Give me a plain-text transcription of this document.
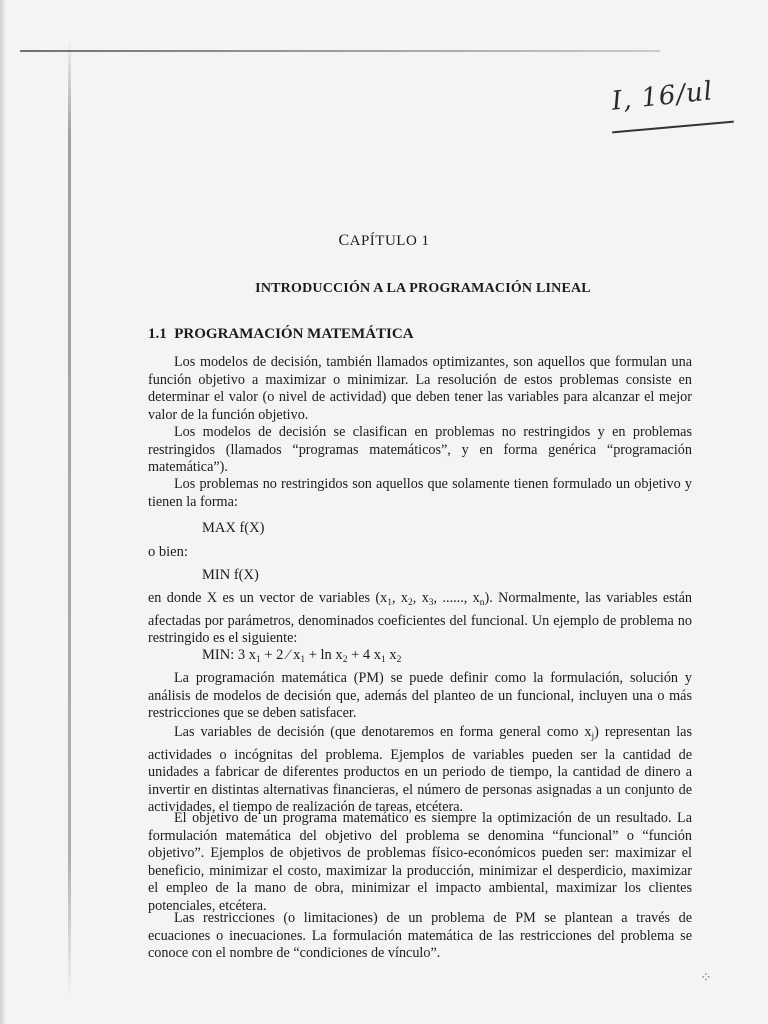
I, 16/ul
CAPÍTULO 1
INTRODUCCIÓN A LA PROGRAMACIÓN LINEAL
1.1 PROGRAMACIÓN MATEMÁTICA
Los modelos de decisión, también llamados optimizantes, son aquellos que formulan una función objetivo a maximizar o minimizar. La resolución de estos problemas consiste en determinar el valor (o nivel de actividad) que deben tener las variables para alcanzar el mejor valor de la función objetivo.
Los modelos de decisión se clasifican en problemas no restringidos y en problemas restringidos (llamados “programas matemáticos”, y en forma genérica “programación matemática”).
Los problemas no restringidos son aquellos que solamente tienen formulado un objetivo y tienen la forma:
MAX f(X)
o bien:
MIN f(X)
en donde X es un vector de variables ($x_1$, $x_2$, $x_3$, ......, $x_n$). Normalmente, las variables están afectadas por parámetros, denominados coeficientes del funcional. Un ejemplo de problema no restringido es el siguiente:
MIN: 3 $x_1 + 2$ ⁄ $x_1 + \ln x_2 + 4$ $x_1$ $x_2$
La programación matemática (PM) se puede definir como la formulación, solución y análisis de modelos de decisión que, además del planteo de un funcional, incluyen una o más restricciones que se deben satisfacer.
Las variables de decisión (que denotaremos en forma general como $x_j$) representan las actividades o incógnitas del problema. Ejemplos de variables pueden ser la cantidad de unidades a fabricar de diferentes productos en un periodo de tiempo, la cantidad de dinero a invertir en distintas alternativas financieras, el número de personas asignadas a un conjunto de actividades, el tiempo de realización de tareas, etcétera.
El objetivo de un programa matemático es siempre la optimización de un resultado. La formulación matemática del objetivo del problema se denomina “funcional” o “función objetivo”. Ejemplos de objetivos de problemas físico-económicos pueden ser: maximizar el beneficio, minimizar el costo, maximizar la producción, minimizar el desperdicio, maximizar el empleo de la mano de obra, minimizar el impacto ambiental, maximizar los clientes potenciales, etcétera.
Las restricciones (o limitaciones) de un problema de PM se plantean a través de ecuaciones o inecuaciones. La formulación matemática de las restricciones del problema se conoce con el nombre de “condiciones de vínculo”.
⁘
